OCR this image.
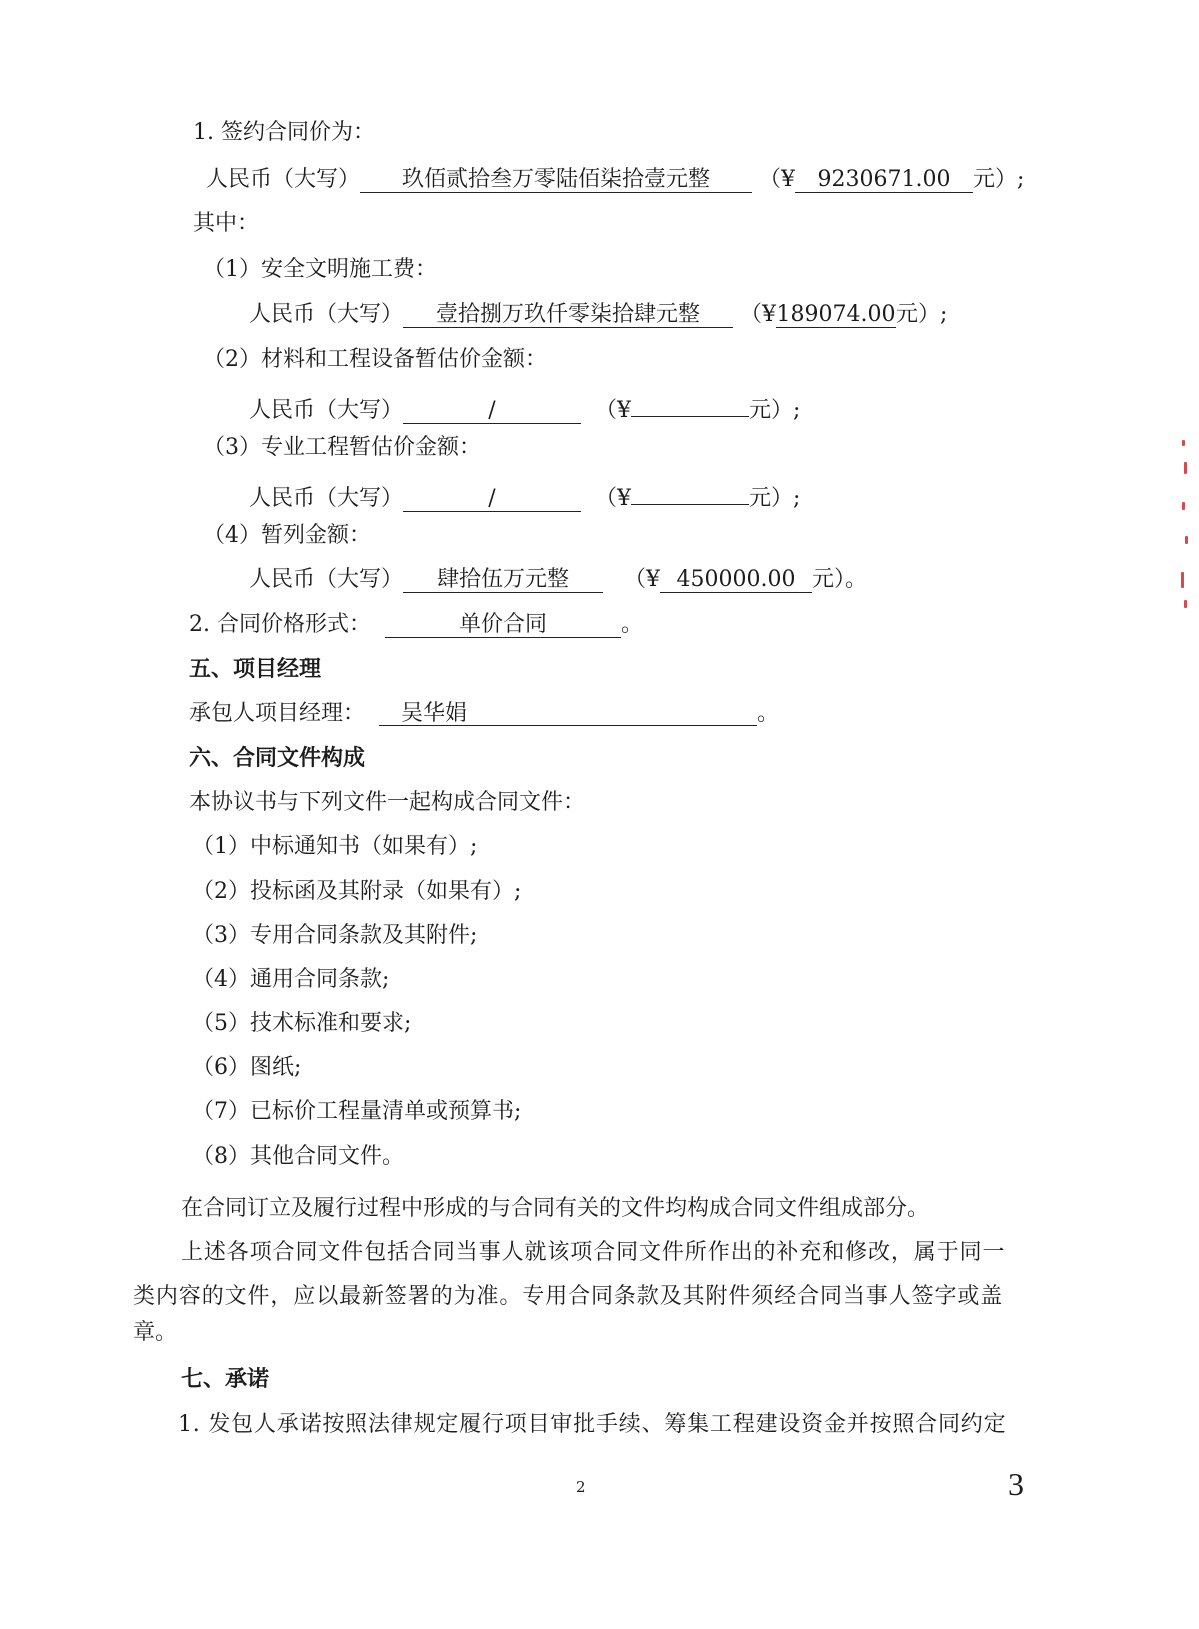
1. 签约合同价为：
人民币（大写） 玖佰贰拾叁万零陆佰柒拾壹元整 （¥ 9230671.00 元）;
其中：
（1）安全文明施工费：
人民币（大写） 壹拾捌万玖仟零柒拾肆元整 （¥189074.00元）;
（2）材料和工程设备暂估价金额：
人民币（大写）	/	（¥	元）;
（3）专业工程暂估价金额：
人民币（大写）	/	（¥	元）;
（4）暂列金额：
人民币（大写） 肆拾伍万元整 （¥ 450000.00 元）。
2. 合同价格形式：	单价合同	。
五、项目经理
承包人项目经理： 吴华娟	。
六、合同文件构成
本协议书与下列文件一起构成合同文件：
（1）中标通知书（如果有）;
（2）投标函及其附录（如果有）;
（3）专用合同条款及其附件;
（4）通用合同条款;
（5）技术标准和要求;
（6）图纸;
（7）已标价工程量清单或预算书;
（8）其他合同文件。
在合同订立及履行过程中形成的与合同有关的文件均构成合同文件组成部分。
上述各项合同文件包括合同当事人就该项合同文件所作出的补充和修改，属于同一
类内容的文件，应以最新签署的为准。专用合同条款及其附件须经合同当事人签字或盖
章。
七、承诺
1. 发包人承诺按照法律规定履行项目审批手续、筹集工程建设资金并按照合同约定
2	3
